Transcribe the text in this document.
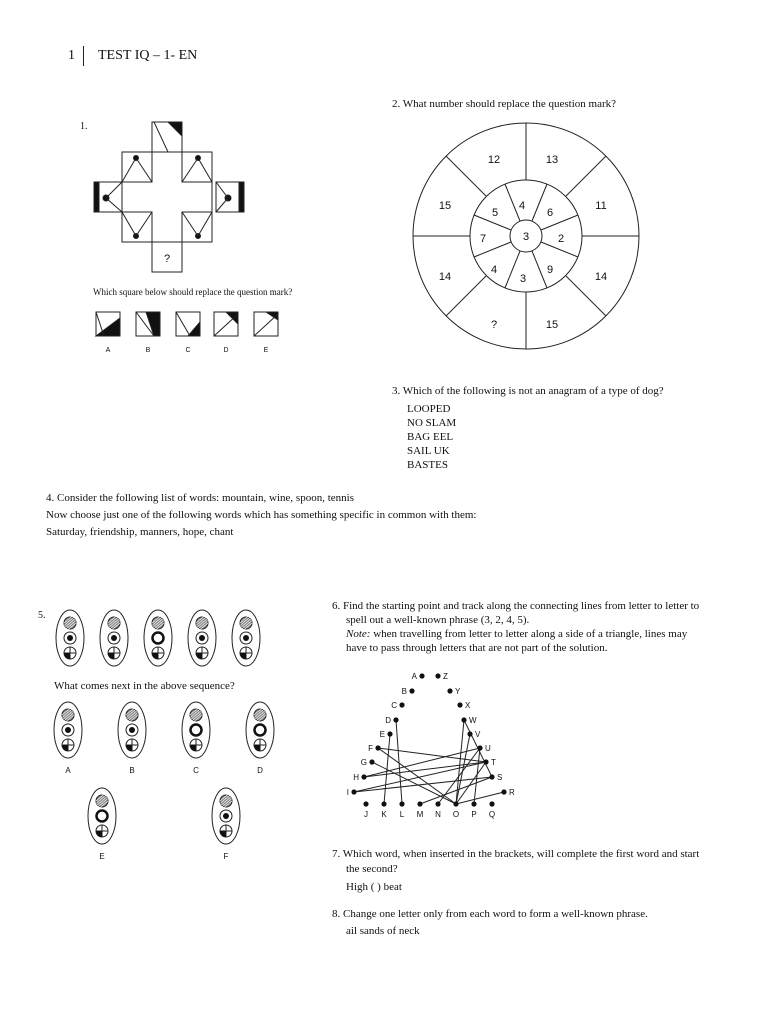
1 TEST IQ – 1- EN
1.
?
Which square below should replace the question mark?
A	B	C	D	E
2. What number should replace the question mark?
3
4
6
2
9
3
4
7
5
12	13
11
14
15
?
14
15
3. Which of the following is not an anagram of a type of dog?
LOOPED
NO SLAM
BAG EEL
SAIL UK
BASTES
4. Consider the following list of words: mountain, wine, spoon, tennis
Now choose just one of the following words which has something specific in common with them:
Saturday, friendship, manners, hope, chant
5.
What comes next in the above sequence?
A	B	C	D
E	F
6. Find the starting point and track along the connecting lines from letter to letter to
spell out a well-known phrase (3, 2, 4, 5).
Note: when travelling from letter to letter along a side of a triangle, lines may
have to pass through letters that are not part of the solution.
A	Z
B	Y
C	X
D	W
E	V
F	U
G	T
H	S
I	R
J K L M N O P Q
7. Which word, when inserted in the brackets, will complete the first word and start
the second?
High ( ) beat
8. Change one letter only from each word to form a well-known phrase.
ail sands of neck
